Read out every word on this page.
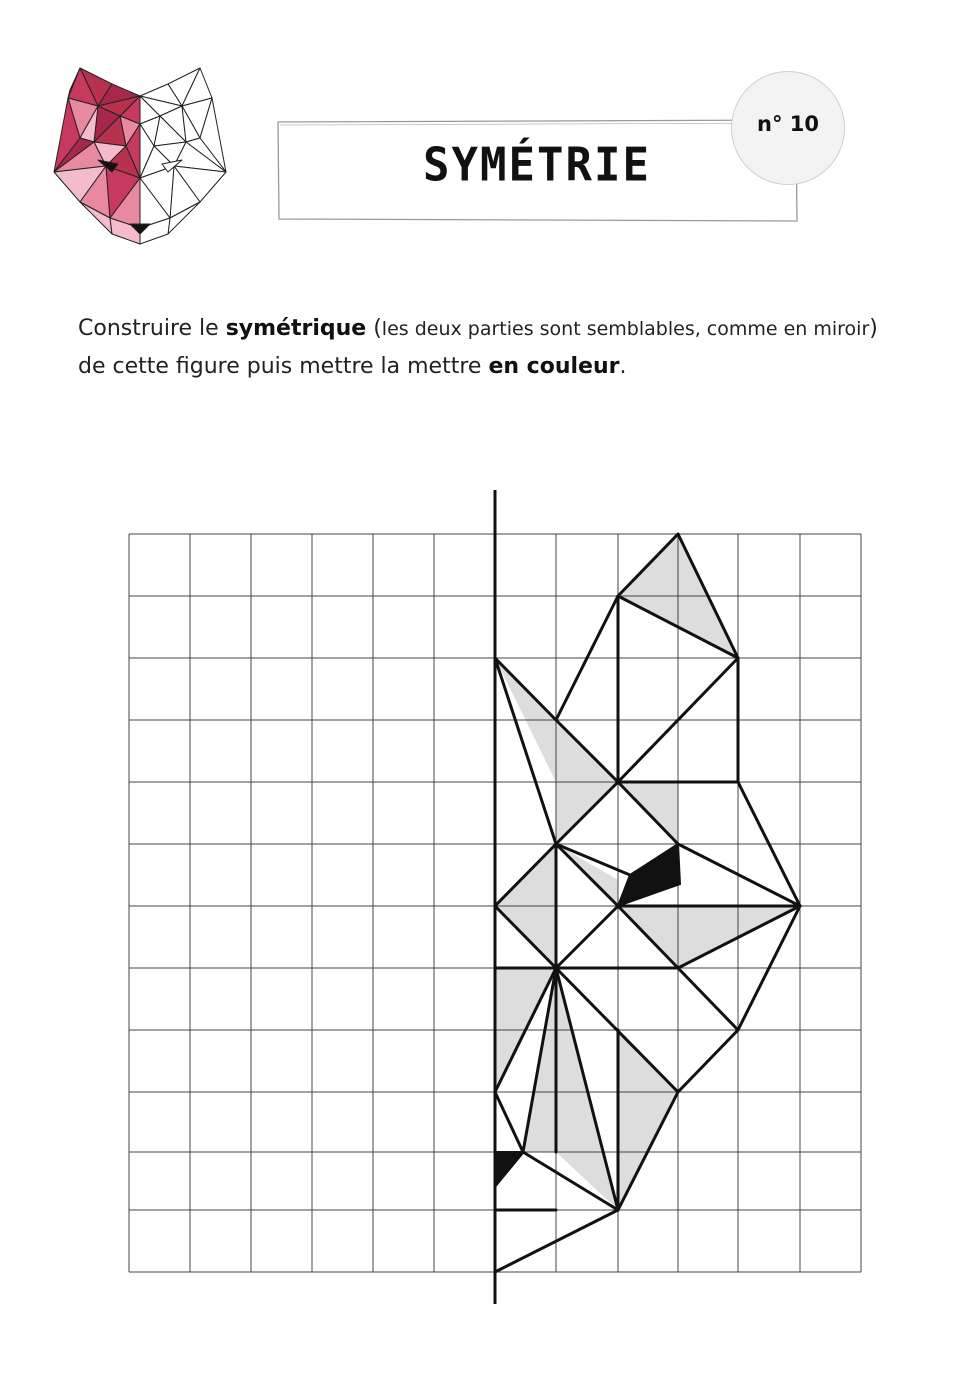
SYMÉTRIE
n° 10
Construire le symétrique (les deux parties sont semblables, comme en miroir)
de cette figure puis mettre la mettre en couleur.
